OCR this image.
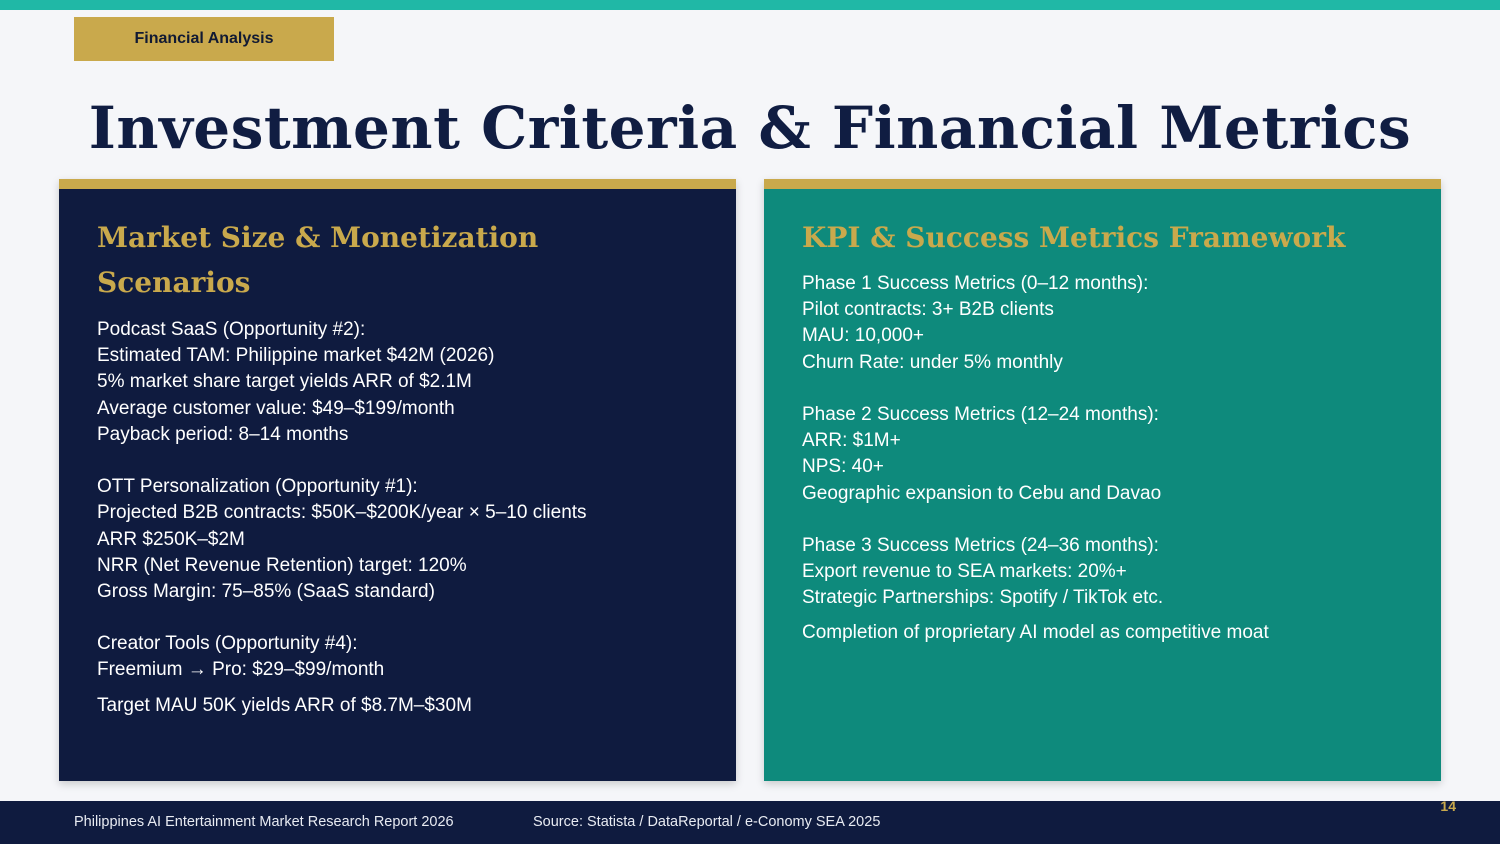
Financial Analysis
Investment Criteria & Financial Metrics
Market Size & Monetization Scenarios
Podcast SaaS (Opportunity #2):
Estimated TAM: Philippine market $42M (2026)
5% market share target yields ARR of $2.1M
Average customer value: $49–$199/month
Payback period: 8–14 months
OTT Personalization (Opportunity #1):
Projected B2B contracts: $50K–$200K/year × 5–10 clients
ARR $250K–$2M
NRR (Net Revenue Retention) target: 120%
Gross Margin: 75–85% (SaaS standard)
Creator Tools (Opportunity #4):
Freemium → Pro: $29–$99/month
Target MAU 50K yields ARR of $8.7M–$30M
KPI & Success Metrics Framework
Phase 1 Success Metrics (0–12 months):
Pilot contracts: 3+ B2B clients
MAU: 10,000+
Churn Rate: under 5% monthly
Phase 2 Success Metrics (12–24 months):
ARR: $1M+
NPS: 40+
Geographic expansion to Cebu and Davao
Phase 3 Success Metrics (24–36 months):
Export revenue to SEA markets: 20%+
Strategic Partnerships: Spotify / TikTok etc.
Completion of proprietary AI model as competitive moat
Philippines AI Entertainment Market Research Report 2026	Source: Statista / DataReportal / e-Conomy SEA 2025
14
